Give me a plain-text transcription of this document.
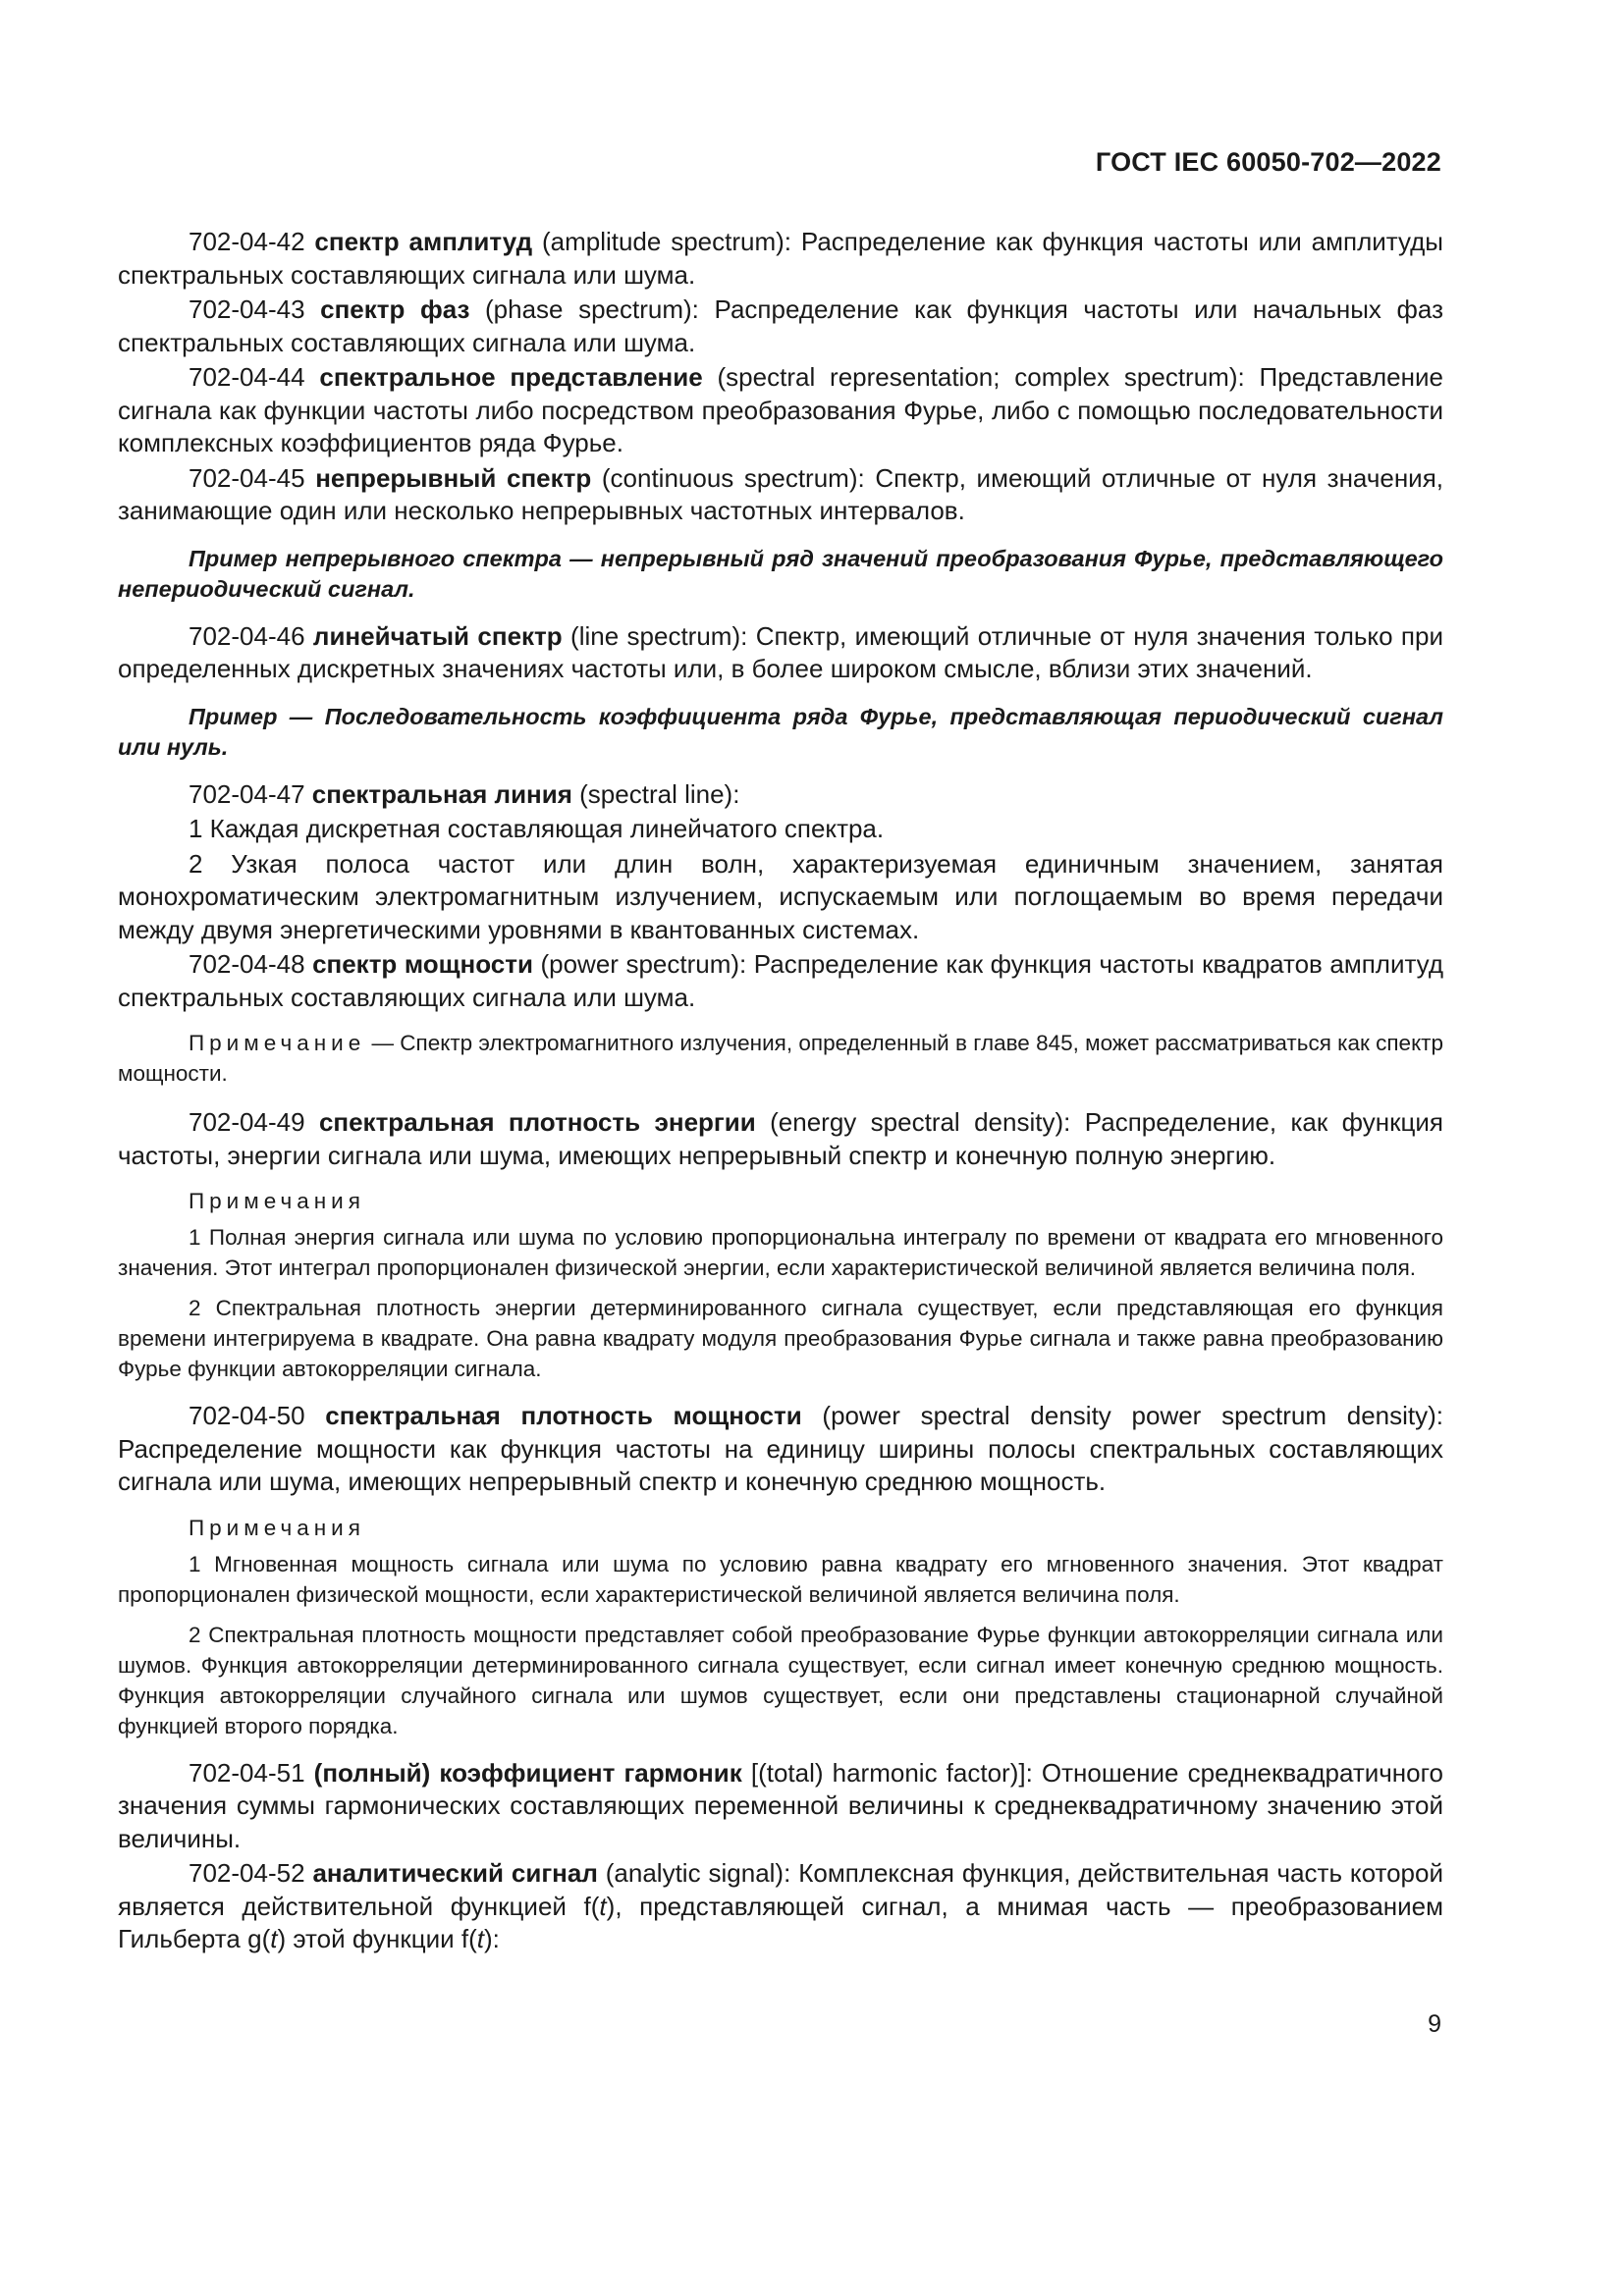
ГОСТ IEC 60050-702—2022

702-04-42 спектр амплитуд (amplitude spectrum): Распределение как функция частоты или амплитуды спектральных составляющих сигнала или шума.

702-04-43 спектр фаз (phase spectrum): Распределение как функция частоты или начальных фаз спектральных составляющих сигнала или шума.

702-04-44 спектральное представление (spectral representation; complex spectrum): Представление сигнала как функции частоты либо посредством преобразования Фурье, либо с помощью последовательности комплексных коэффициентов ряда Фурье.

702-04-45 непрерывный спектр (continuous spectrum): Спектр, имеющий отличные от нуля значения, занимающие один или несколько непрерывных частотных интервалов.

Пример непрерывного спектра — непрерывный ряд значений преобразования Фурье, представляющего непериодический сигнал.

702-04-46 линейчатый спектр (line spectrum): Спектр, имеющий отличные от нуля значения только при определенных дискретных значениях частоты или, в более широком смысле, вблизи этих значений.

Пример — Последовательность коэффициента ряда Фурье, представляющая периодический сигнал или нуль.

702-04-47 спектральная линия (spectral line):

1 Каждая дискретная составляющая линейчатого спектра.

2 Узкая полоса частот или длин волн, характеризуемая единичным значением, занятая монохроматическим электромагнитным излучением, испускаемым или поглощаемым во время передачи между двумя энергетическими уровнями в квантованных системах.

702-04-48 спектр мощности (power spectrum): Распределение как функция частоты квадратов амплитуд спектральных составляющих сигнала или шума.

Примечание — Спектр электромагнитного излучения, определенный в главе 845, может рассматриваться как спектр мощности.

702-04-49 спектральная плотность энергии (energy spectral density): Распределение, как функция частоты, энергии сигнала или шума, имеющих непрерывный спектр и конечную полную энергию.

Примечания

1 Полная энергия сигнала или шума по условию пропорциональна интегралу по времени от квадрата его мгновенного значения. Этот интеграл пропорционален физической энергии, если характеристической величиной является величина поля.

2 Спектральная плотность энергии детерминированного сигнала существует, если представляющая его функция времени интегрируема в квадрате. Она равна квадрату модуля преобразования Фурье сигнала и также равна преобразованию Фурье функции автокорреляции сигнала.

702-04-50 спектральная плотность мощности (power spectral density power spectrum density): Распределение мощности как функция частоты на единицу ширины полосы спектральных составляющих сигнала или шума, имеющих непрерывный спектр и конечную среднюю мощность.

Примечания

1 Мгновенная мощность сигнала или шума по условию равна квадрату его мгновенного значения. Этот квадрат пропорционален физической мощности, если характеристической величиной является величина поля.

2 Спектральная плотность мощности представляет собой преобразование Фурье функции автокорреляции сигнала или шумов. Функция автокорреляции детерминированного сигнала существует, если сигнал имеет конечную среднюю мощность. Функция автокорреляции случайного сигнала или шумов существует, если они представлены стационарной случайной функцией второго порядка.

702-04-51 (полный) коэффициент гармоник [(total) harmonic factor)]: Отношение среднеквадратичного значения суммы гармонических составляющих переменной величины к среднеквадратичному значению этой величины.

702-04-52 аналитический сигнал (analytic signal): Комплексная функция, действительная часть которой является действительной функцией f(t), представляющей сигнал, а мнимая часть — преобразованием Гильберта g(t) этой функции f(t):

9
